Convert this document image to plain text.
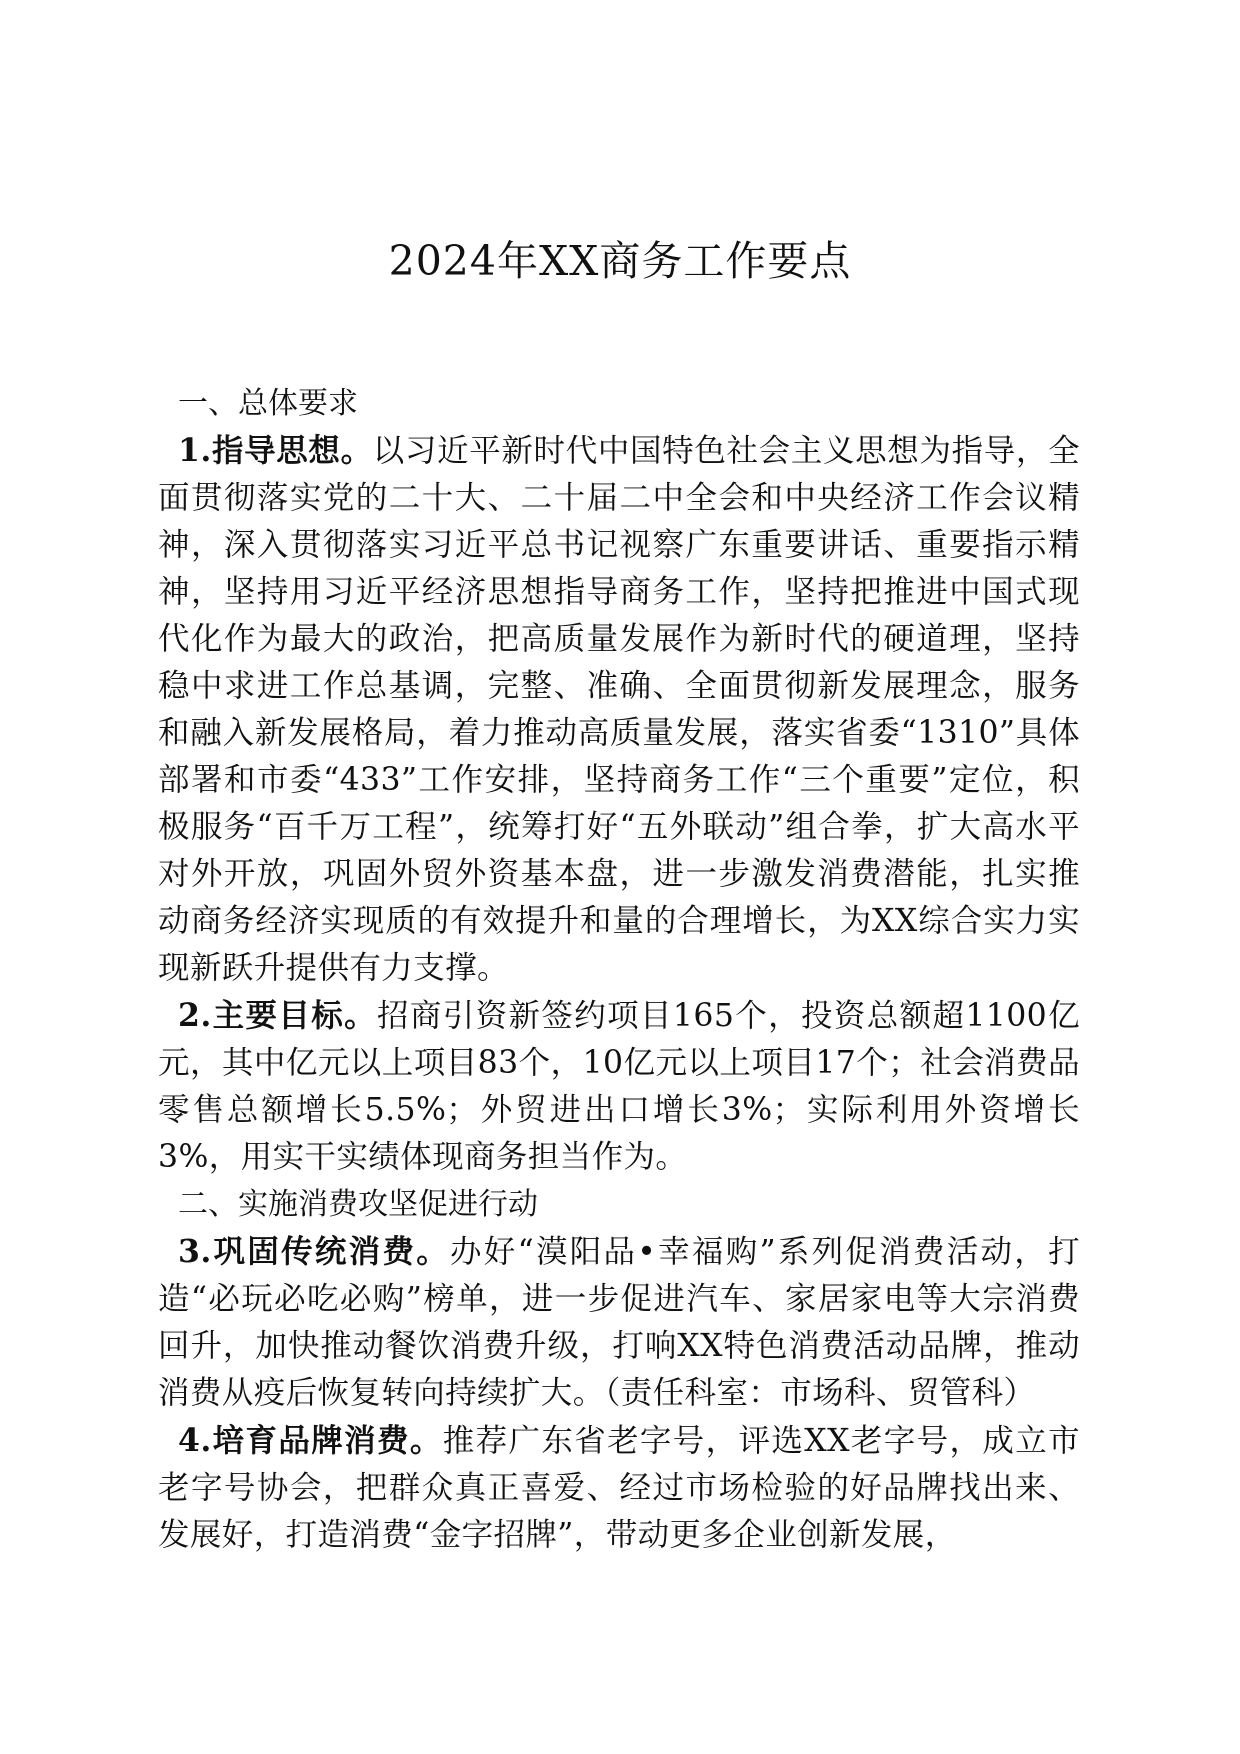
2024年XX商务工作要点
一、总体要求

1.指导思想。以习近平新时代中国特色社会主义思想为指导，全面贯彻落实党的二十大、二十届二中全会和中央经济工作会议精神，深入贯彻落实习近平总书记视察广东重要讲话、重要指示精神，坚持用习近平经济思想指导商务工作，坚持把推进中国式现代化作为最大的政治，把高质量发展作为新时代的硬道理，坚持稳中求进工作总基调，完整、准确、全面贯彻新发展理念，服务和融入新发展格局，着力推动高质量发展，落实省委“1310”具体部署和市委“433”工作安排，坚持商务工作“三个重要”定位，积极服务“百千万工程”，统筹打好“五外联动”组合拳，扩大高水平对外开放，巩固外贸外资基本盘，进一步激发消费潜能，扎实推动商务经济实现质的有效提升和量的合理增长，为XX综合实力实现新跃升提供有力支撑。

2.主要目标。招商引资新签约项目165个，投资总额超1100亿元，其中亿元以上项目83个，10亿元以上项目17个；社会消费品零售总额增长5.5%；外贸进出口增长3%；实际利用外资增长3%，用实干实绩体现商务担当作为。

二、实施消费攻坚促进行动

3.巩固传统消费。办好“漠阳品•幸福购”系列促消费活动，打造“必玩必吃必购”榜单，进一步促进汽车、家居家电等大宗消费回升，加快推动餐饮消费升级，打响XX特色消费活动品牌，推动消费从疫后恢复转向持续扩大。（责任科室：市场科、贸管科）

4.培育品牌消费。推荐广东省老字号，评选XX老字号，成立市老字号协会，把群众真正喜爱、经过市场检验的好品牌找出来、发展好，打造消费“金字招牌”，带动更多企业创新发展，
